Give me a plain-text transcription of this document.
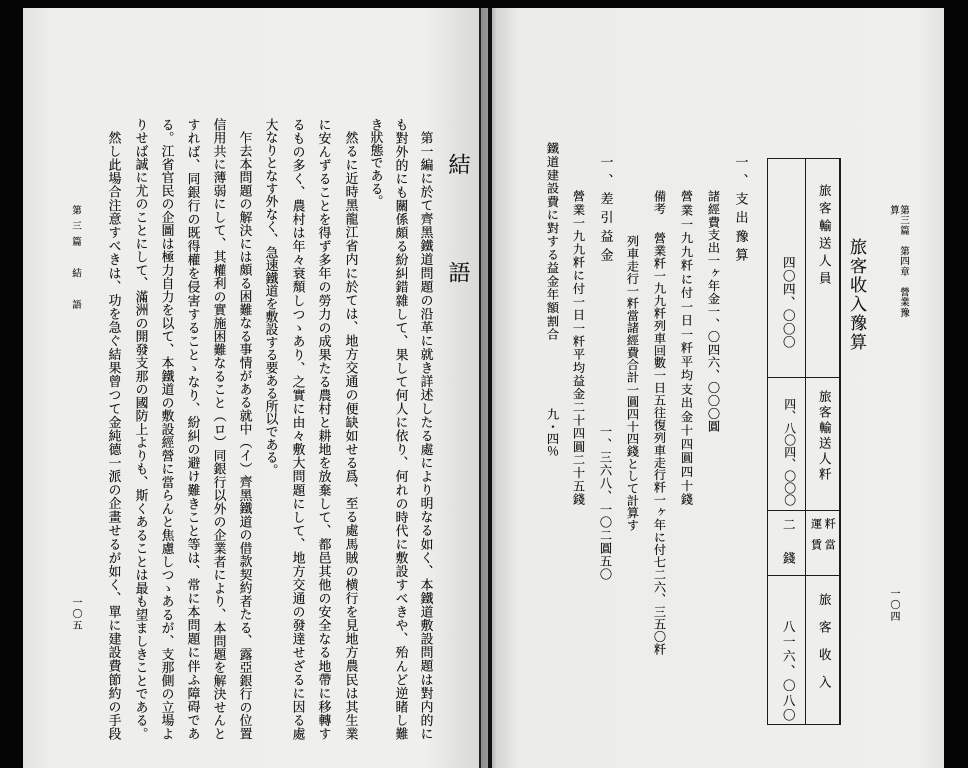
第三篇　結　語
一〇五
結語
第一編に於て齊黑鐵道問題の沿革に就き詳述したる處により明なる如く、本鐵道敷設問題は對内的に
も對外的にも關係頗る紛糾錯雜して、果して何人に依り、何れの時代に敷設すべきや、殆んど逆睹し難
き狀態である。
然るに近時黑龍江省内に於ては、地方交通の便缺如せる爲、至る處馬賊の横行を見地方農民は其生業
に安んずることを得ず多年の勞力の成果たる農村と耕地を放棄して、都邑其他の安全なる地帶に移轉す
るもの多く、農村は年々衰頽しつゝあり、之實に由々敷大問題にして、地方交通の發達せざるに因る處
大なりとなす外なく、急速鐵道を敷設する要ある所以である。
乍去本問題の解決には頗る困難なる事情がある就中（イ）齊黑鐵道の借款契約者たる、露亞銀行の位置
信用共に薄弱にして、其權利の實施困難なること（ロ）同銀行以外の企業者により、本問題を解決せんと
すれば、同銀行の既得權を侵害することゝなり、紛糾の避け難きこと等は、常に本問題に伴ふ障碍であ
る。江省官民の企圖は極力自力を以て、本鐵道の敷設經營に當らんと焦慮しつゝあるが、支那側の立場よ
りせば誠に尤のことにして、滿洲の開發支那の國防上よりも、斯くあることは最も望ましきことである。
然し此場合注意すべきは、功を急ぐ結果曾つて金純德一派の企畫せるが如く、單に建設費節約の手段	第三篇　第四章　營業豫算
一〇四
旅客收入豫算
旅客輸送人員
四〇四、〇〇〇
旅客輸送人粁
四、八〇四、〇〇〇
粁當運賃
二錢
旅客收入
八一六、〇八〇
一、支出豫算
諸經費支出一ヶ年金一、〇四六、〇〇〇圓
營業一九九粁に付一日一粁平均支出金十四圓四十錢
備考
營業粁一九九粁列車回數一日五往復列車走行粁一ヶ年に付七二六、三五〇粁
列車走行一粁當諸經費合計一圓四十四錢として計算す
一、差引益金
一、三六八、一〇二圓五〇
營業一九九粁に付一日一粁平均益金二十四圓二十五錢
鐵道建設費に對する益金年額割合
九・四％
